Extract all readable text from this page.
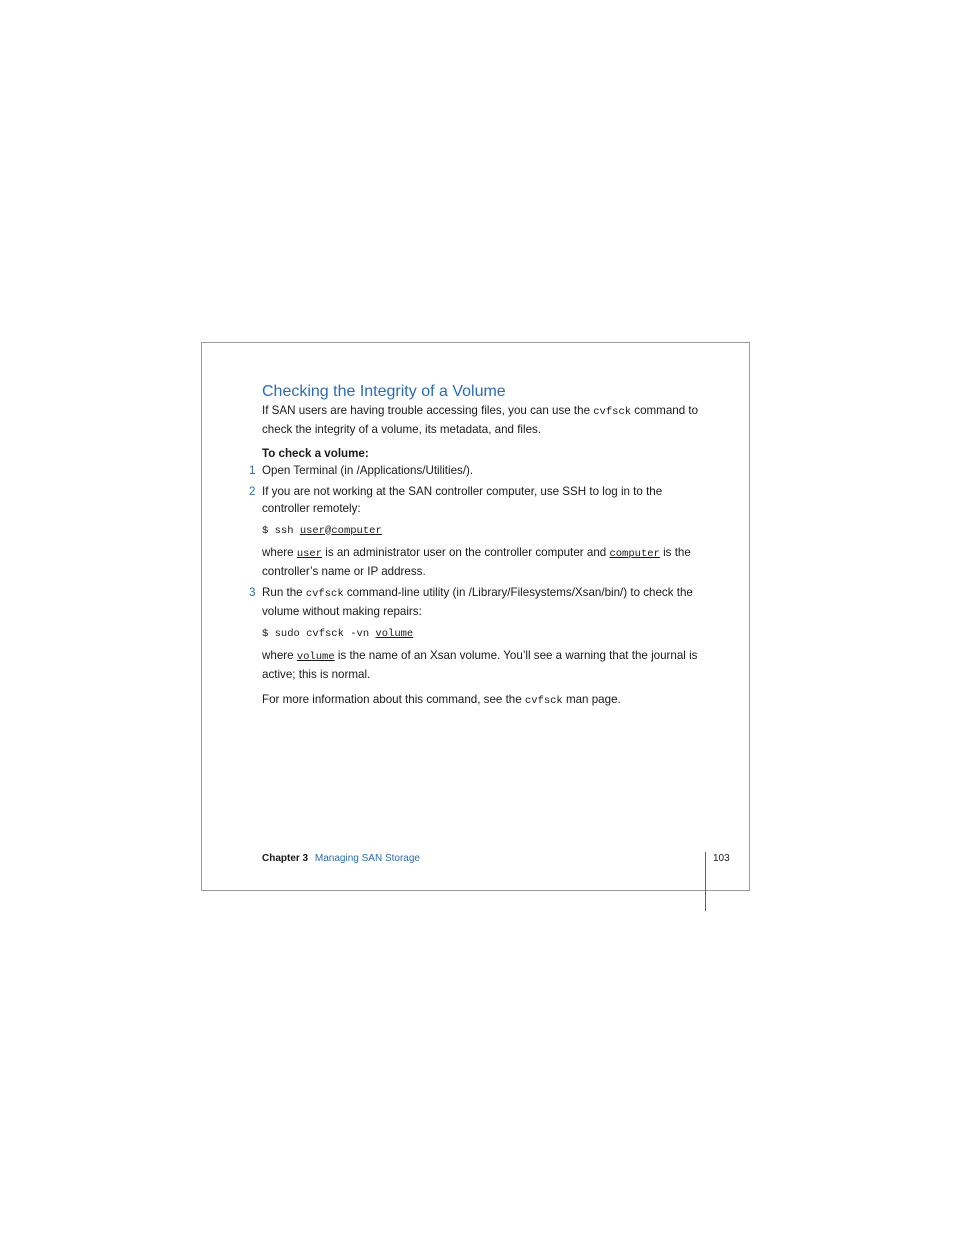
Checking the Integrity of a Volume

If SAN users are having trouble accessing files, you can use the cvfsck command to check the integrity of a volume, its metadata, and files.

To check a volume:

1 Open Terminal (in /Applications/Utilities/).

2 If you are not working at the SAN controller computer, use SSH to log in to the controller remotely:

$ ssh user@computer

where user is an administrator user on the controller computer and computer is the controller’s name or IP address.

3 Run the cvfsck command-line utility (in /Library/Filesystems/Xsan/bin/) to check the volume without making repairs:

$ sudo cvfsck -vn volume

where volume is the name of an Xsan volume. You’ll see a warning that the journal is active; this is normal.

For more information about this command, see the cvfsck man page.

Chapter 3 Managing SAN Storage	103
